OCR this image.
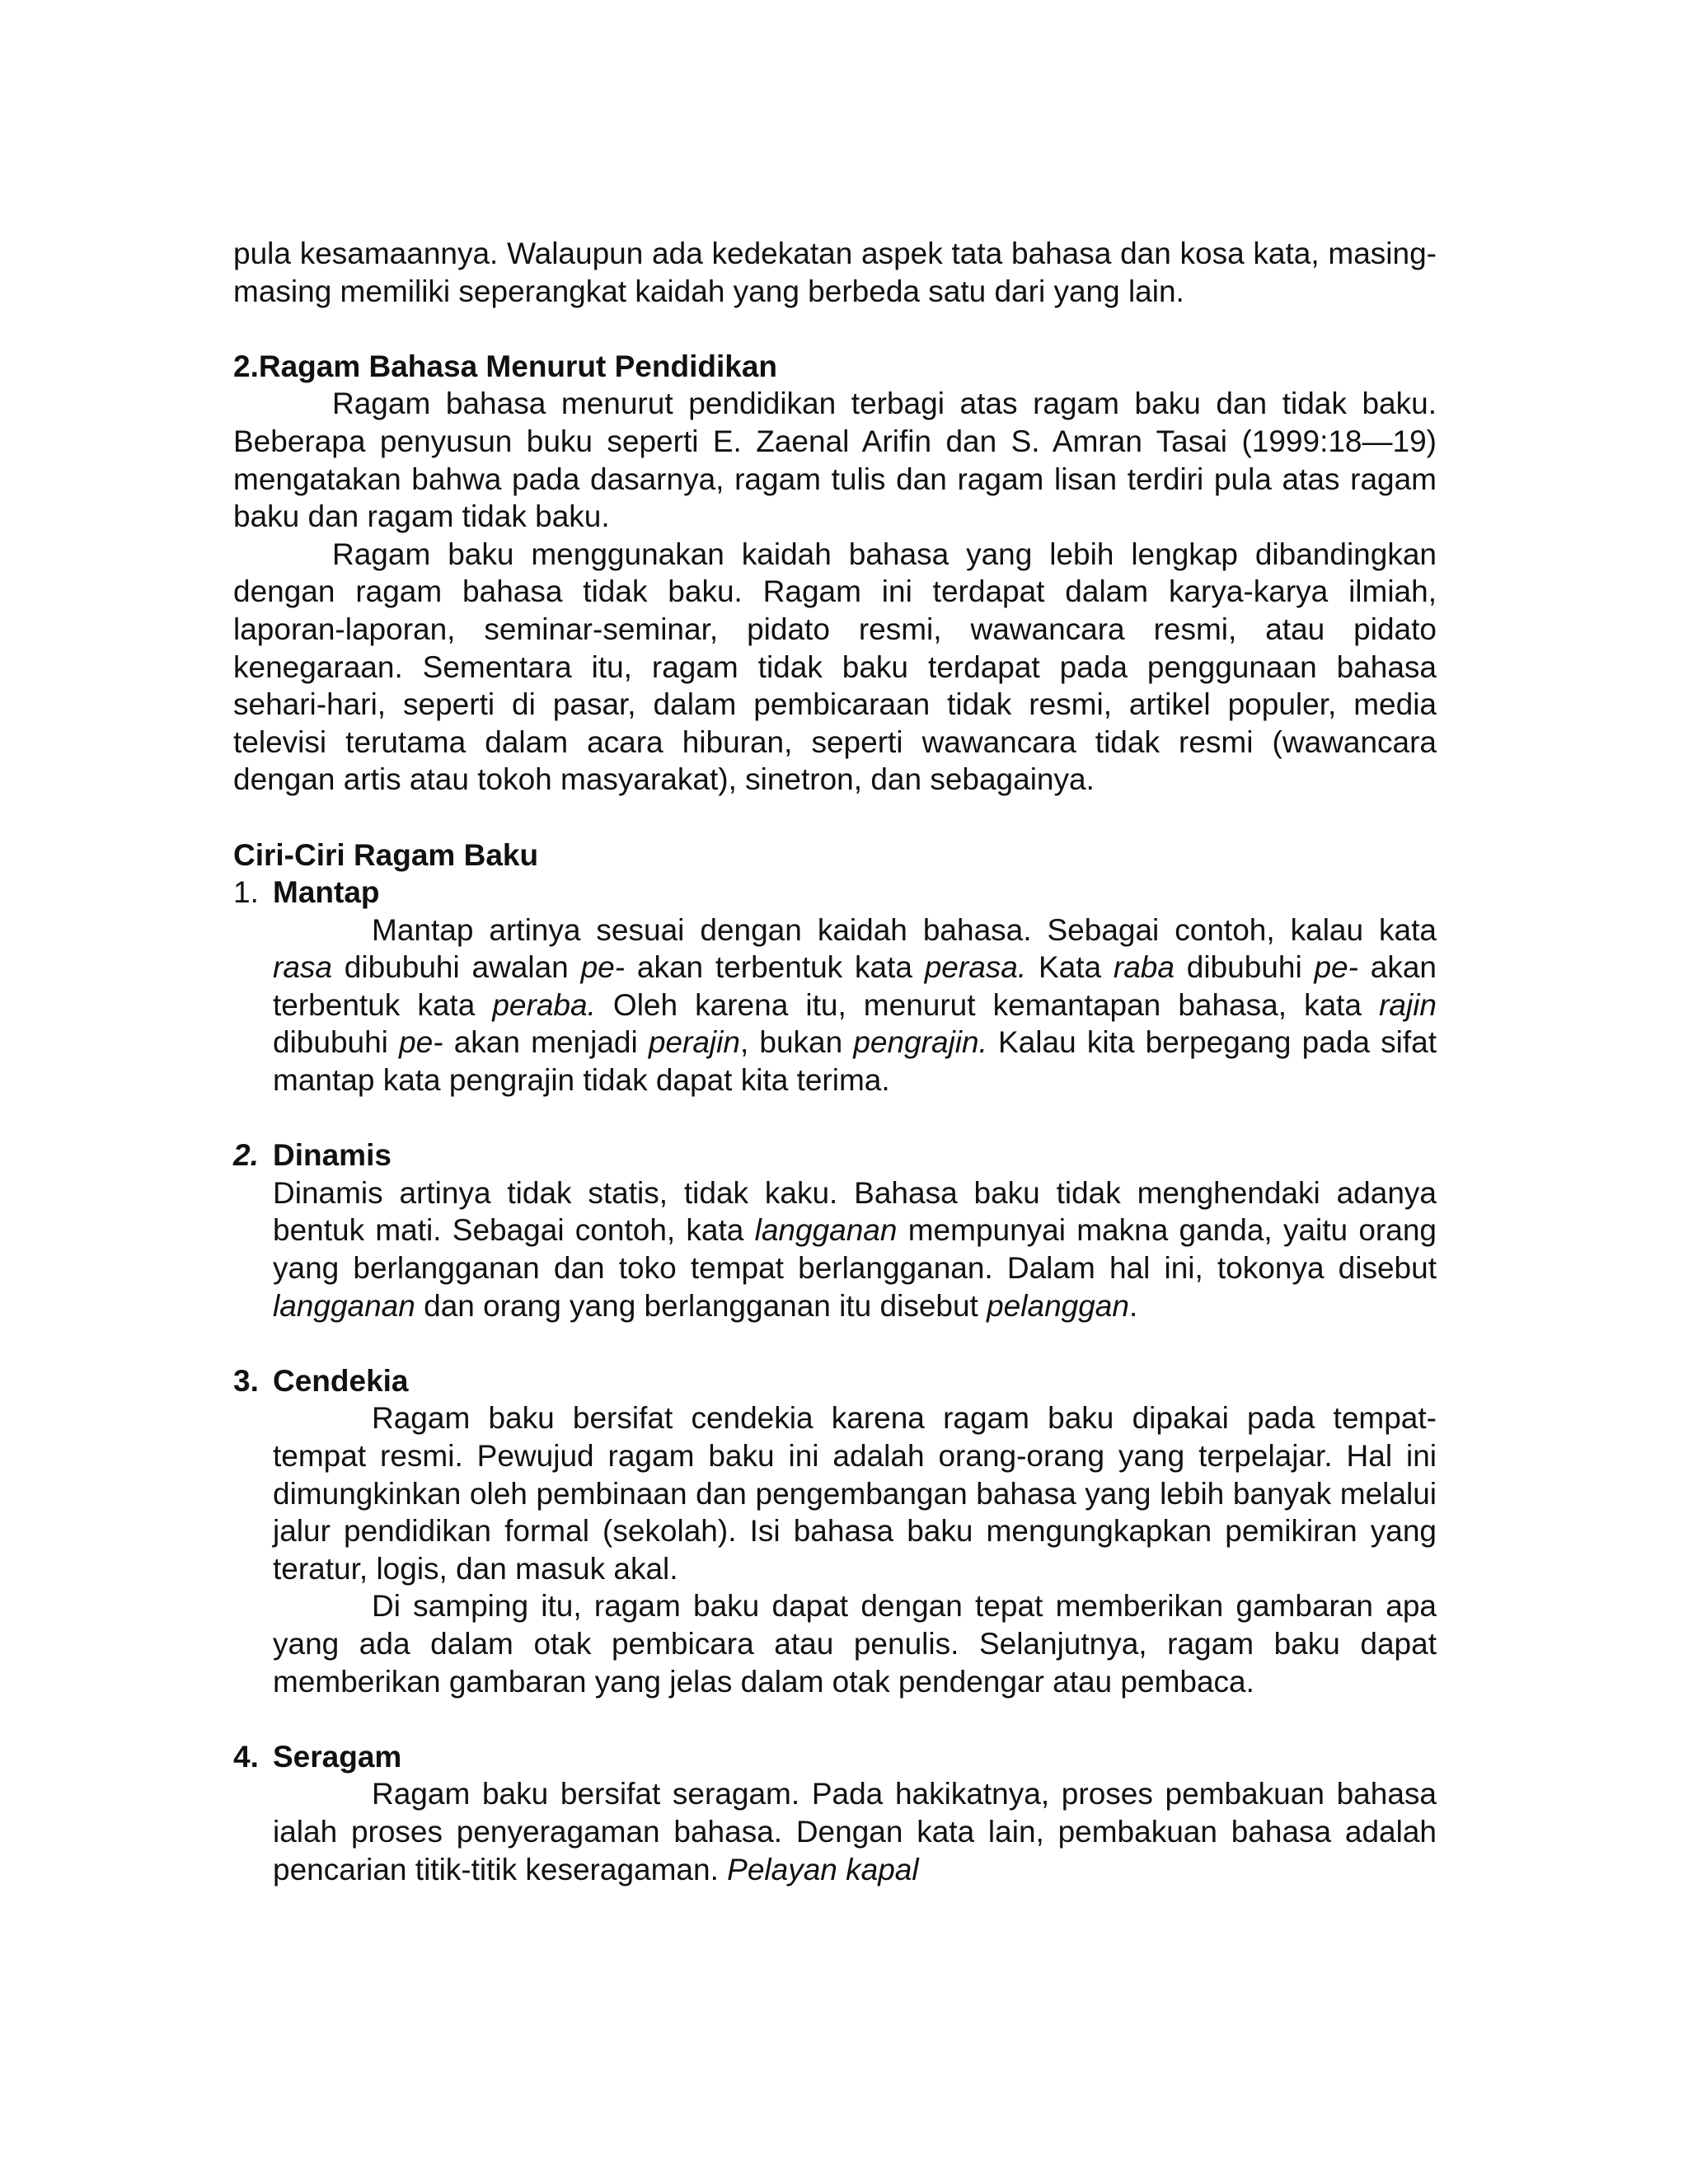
pula kesamaannya. Walaupun ada kedekatan aspek tata bahasa dan kosa kata, masing-masing memiliki seperangkat kaidah yang berbeda satu dari yang lain.

2.Ragam Bahasa Menurut Pendidikan

Ragam bahasa menurut pendidikan terbagi atas ragam baku dan tidak baku. Beberapa penyusun buku seperti E. Zaenal Arifin dan S. Amran Tasai (1999:18—19) mengatakan bahwa pada dasarnya, ragam tulis dan ragam lisan terdiri pula atas ragam baku dan ragam tidak baku.

Ragam baku menggunakan kaidah bahasa yang lebih lengkap dibandingkan dengan ragam bahasa tidak baku. Ragam ini terdapat dalam karya-karya ilmiah, laporan-laporan, seminar-seminar, pidato resmi, wawancara resmi, atau pidato kenegaraan. Sementara itu, ragam tidak baku terdapat pada penggunaan bahasa sehari-hari, seperti di pasar, dalam pembicaraan tidak resmi, artikel populer, media televisi terutama dalam acara hiburan, seperti wawancara tidak resmi (wawancara dengan artis atau tokoh masyarakat), sinetron, dan sebagainya.

Ciri-Ciri Ragam Baku
1. Mantap

Mantap artinya sesuai dengan kaidah bahasa. Sebagai contoh, kalau kata rasa dibubuhi awalan pe- akan terbentuk kata perasa. Kata raba dibubuhi pe- akan terbentuk kata peraba. Oleh karena itu, menurut kemantapan bahasa, kata rajin dibubuhi pe- akan menjadi perajin, bukan pengrajin. Kalau kita berpegang pada sifat mantap kata pengrajin tidak dapat kita terima.

2. Dinamis

Dinamis artinya tidak statis, tidak kaku. Bahasa baku tidak menghendaki adanya bentuk mati. Sebagai contoh, kata langganan mempunyai makna ganda, yaitu orang yang berlangganan dan toko tempat berlangganan. Dalam hal ini, tokonya disebut langganan dan orang yang berlangganan itu disebut pelanggan.

3. Cendekia

Ragam baku bersifat cendekia karena ragam baku dipakai pada tempat-tempat resmi. Pewujud ragam baku ini adalah orang-orang yang terpelajar. Hal ini dimungkinkan oleh pembinaan dan pengembangan bahasa yang lebih banyak melalui jalur pendidikan formal (sekolah). Isi bahasa baku mengungkapkan pemikiran yang teratur, logis, dan masuk akal.

Di samping itu, ragam baku dapat dengan tepat memberikan gambaran apa yang ada dalam otak pembicara atau penulis. Selanjutnya, ragam baku dapat memberikan gambaran yang jelas dalam otak pendengar atau pembaca.

4. Seragam

Ragam baku bersifat seragam. Pada hakikatnya, proses pembakuan bahasa ialah proses penyeragaman bahasa. Dengan kata lain, pembakuan bahasa adalah pencarian titik-titik keseragaman. Pelayan kapal
